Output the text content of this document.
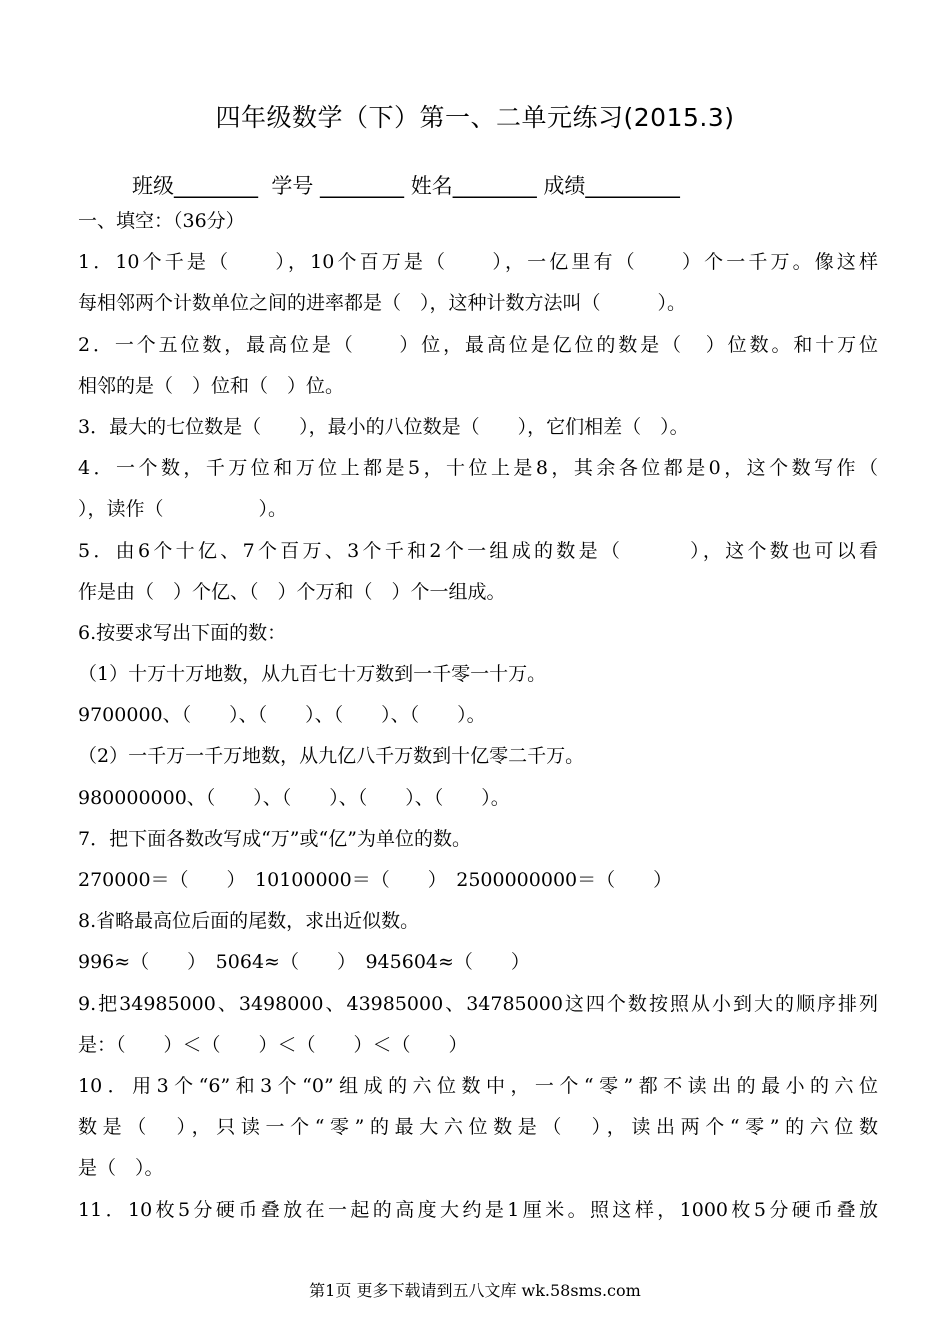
四年级数学（下）第一、二单元练习(2015.3)
班级________  学号 ________ 姓名________ 成绩_________
一、填空：（36分）
1．10个千是（　　），10个百万是（　　），一亿里有（　　）个一千万。像这样
每相邻两个计数单位之间的进率都是（　），这种计数方法叫（　　　）。
2．一个五位数，最高位是（　　）位，最高位是亿位的数是（　）位数。和十万位
相邻的是（　）位和（　）位。
3．最大的七位数是（　　），最小的八位数是（　　），它们相差（　）。
4．一个数，千万位和万位上都是5，十位上是8，其余各位都是0，这个数写作（
），读作（　　　　　）。
5．由6个十亿、7个百万、3个千和2个一组成的数是（　　　），这个数也可以看
作是由（　）个亿、（　）个万和（　）个一组成。
6.按要求写出下面的数：
（1）十万十万地数，从九百七十万数到一千零一十万。
9700000、（　　）、（　　）、（　　）、（　　）。
（2）一千万一千万地数，从九亿八千万数到十亿零二千万。
980000000、（　　）、（　　）、（　　）、（　　）。
7．把下面各数改写成“万”或“亿”为单位的数。
270000＝（　　）　10100000＝（　　）　2500000000＝（　　）
8.省略最高位后面的尾数，求出近似数。
996≈（　　）　5064≈（　　）　945604≈（　　）
9.把34985000、3498000、43985000、34785000这四个数按照从小到大的顺序排列
是：（　　）＜（　　）＜（　　）＜（　　）
10．用3个“6”和3个“0”组成的六位数中，一个“零”都不读出的最小的六位
数是（　），只读一个“零”的最大六位数是（　），读出两个“零”的六位数
是（　）。
11．10枚5分硬币叠放在一起的高度大约是1厘米。照这样，1000枚5分硬币叠放
第1页 更多下载请到五八文库 wk.58sms.com
